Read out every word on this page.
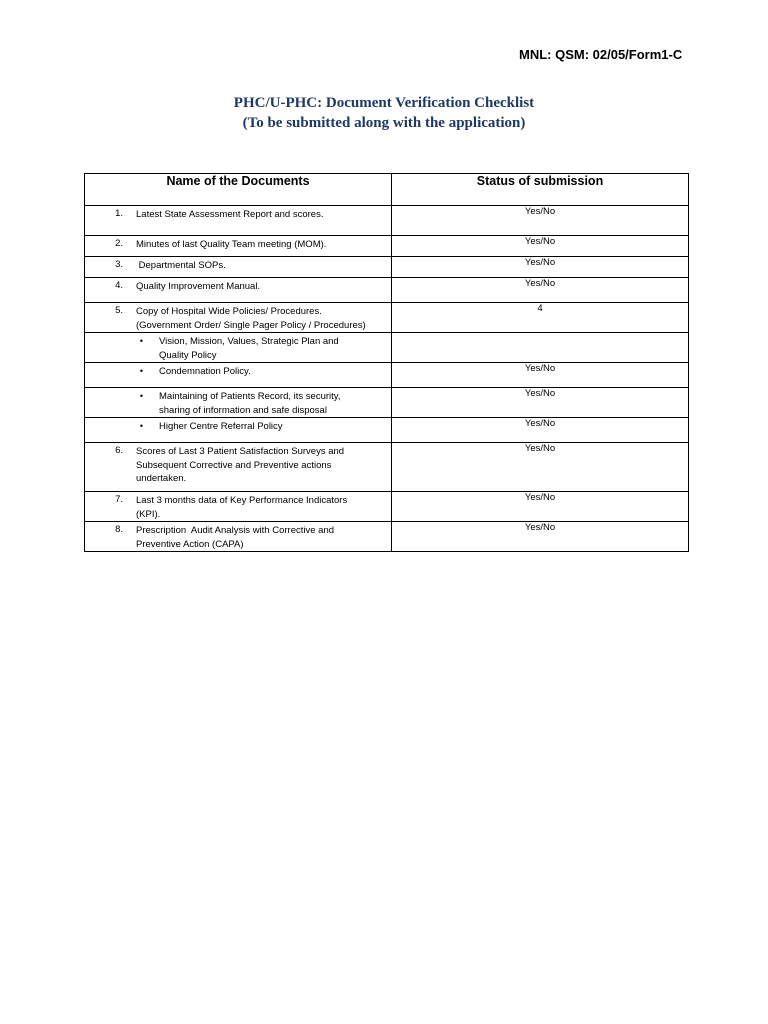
MNL: QSM: 02/05/Form1-C
PHC/U-PHC: Document Verification Checklist
(To be submitted along with the application)
Name of the Documents	Status of submission

1. Latest State Assessment Report and scores.	Yes/No

2. Minutes of last Quality Team meeting (MOM).	Yes/No

3. Departmental SOPs.	Yes/No

4. Quality Improvement Manual.	Yes/No

5. Copy of Hospital Wide Policies/ Procedures.
(Government Order/ Single Pager Policy / Procedures)	4

• Vision, Mission, Values, Strategic Plan and
Quality Policy	

• Condemnation Policy.	Yes/No

• Maintaining of Patients Record, its security,
sharing of information and safe disposal	Yes/No

• Higher Centre Referral Policy	Yes/No

6. Scores of Last 3 Patient Satisfaction Surveys and
Subsequent Corrective and Preventive actions
undertaken.	Yes/No

7. Last 3 months data of Key Performance Indicators
(KPI).	Yes/No

8. Prescription  Audit Analysis with Corrective and
Preventive Action (CAPA)	Yes/No
